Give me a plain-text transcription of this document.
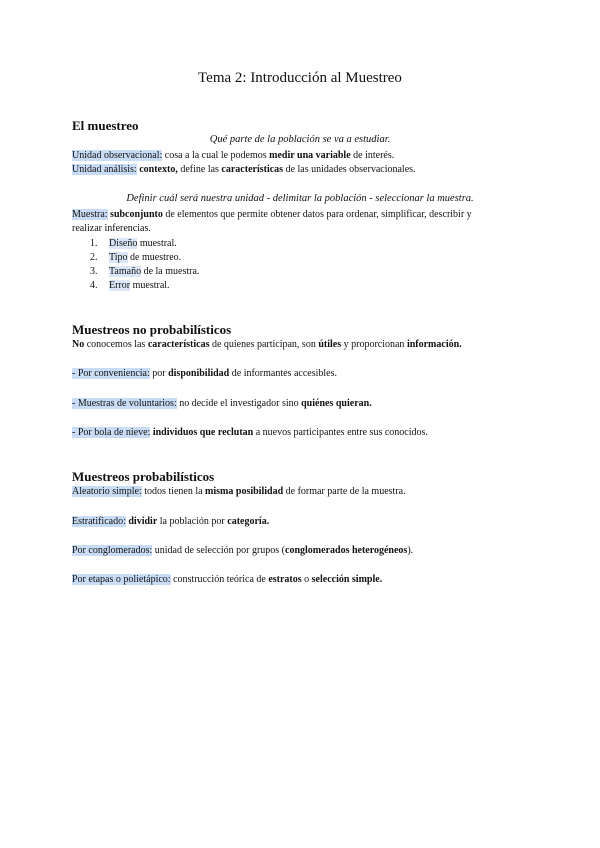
Tema 2: Introducción al Muestreo
El muestreo
Qué parte de la población se va a estudiar.
Unidad observacional: cosa a la cual le podemos medir una variable de interés.
Unidad análisis: contexto, define las características de las unidades observacionales.
Definir cuál será nuestra unidad - delimitar la población - seleccionar la muestra.
Muestra: subconjunto de elementos que permite obtener datos para ordenar, simplificar, describir y
realizar inferencias.
1. Diseño muestral.
2. Tipo de muestreo.
3. Tamaño de la muestra.
4. Error muestral.
Muestreos no probabilísticos
No conocemos las características de quienes participan, son útiles y proporcionan información.
- Por conveniencia: por disponibilidad de informantes accesibles.
- Muestras de voluntarios: no decide el investigador sino quiénes quieran.
- Por bola de nieve: individuos que reclutan a nuevos participantes entre sus conocidos.
Muestreos probabilísticos
Aleatorio simple: todos tienen la misma posibilidad de formar parte de la muestra.
Estratificado: dividir la población por categoría.
Por conglomerados: unidad de selección por grupos (conglomerados heterogéneos).
Por etapas o polietápico: construcción teórica de estratos o selección simple.
